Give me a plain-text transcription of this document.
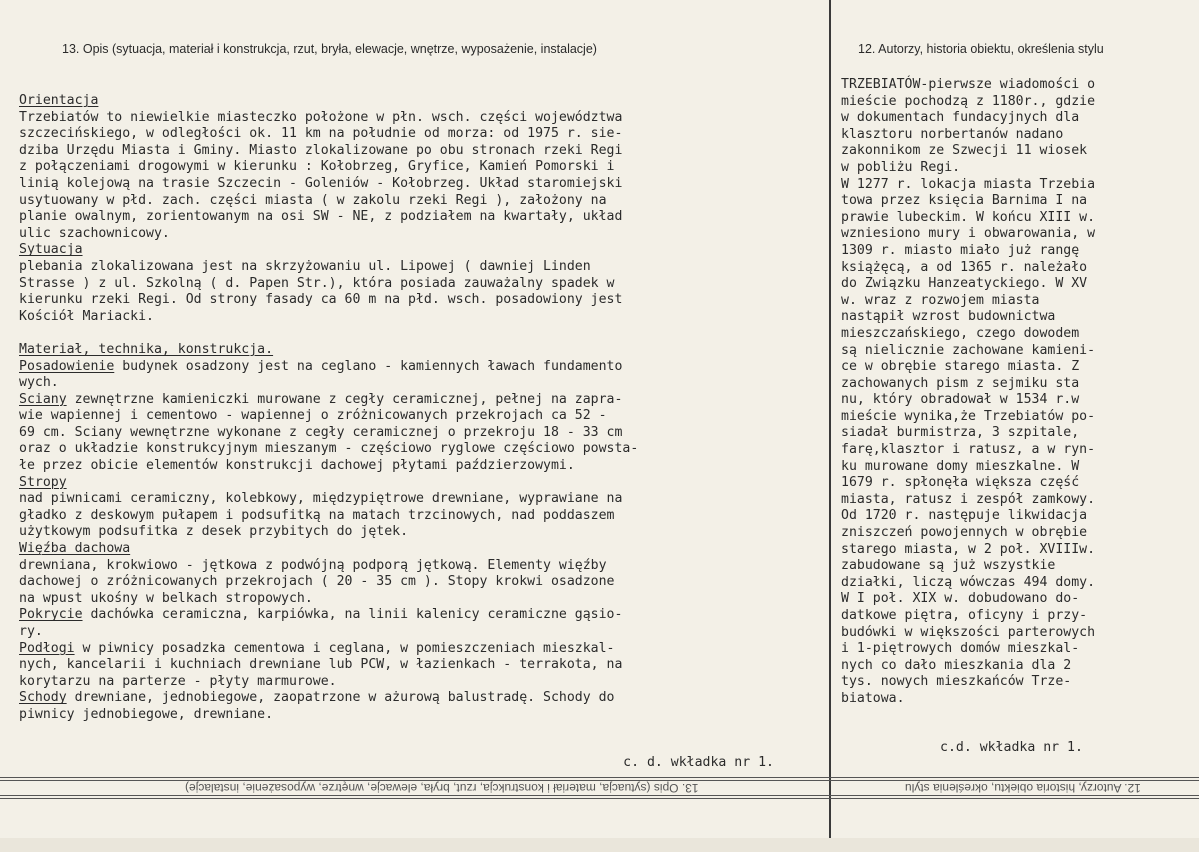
13. Opis (sytuacja, materiał i konstrukcja, rzut, bryła, elewacje, wnętrze, wyposażenie, instalacje)	12. Autorzy, historia obiektu, określenia stylu
Orientacja
Trzebiatów to niewielkie miasteczko położone w płn. wsch. części województwa
szczecińskiego, w odległości ok. 11 km na południe od morza: od 1975 r. sie-
dziba Urzędu Miasta i Gminy. Miasto zlokalizowane po obu stronach rzeki Regi
z połączeniami drogowymi w kierunku : Kołobrzeg, Gryfice, Kamień Pomorski i
linią kolejową na trasie Szczecin - Goleniów - Kołobrzeg. Układ staromiejski
usytuowany w płd. zach. części miasta ( w zakolu rzeki Regi ), założony na
planie owalnym, zorientowanym na osi SW - NE, z podziałem na kwartały, układ
ulic szachownicowy.
Sytuacja
plebania zlokalizowana jest na skrzyżowaniu ul. Lipowej ( dawniej Linden
Strasse ) z ul. Szkolną ( d. Papen Str.), która posiada zauważalny spadek w
kierunku rzeki Regi. Od strony fasady ca 60 m na płd. wsch. posadowiony jest
Kościół Mariacki.
Materiał, technika, konstrukcja.
Posadowienie budynek osadzony jest na ceglano - kamiennych ławach fundamento
wych.
Sciany zewnętrzne kamieniczki murowane z cegły ceramicznej, pełnej na zapra-
wie wapiennej i cementowo - wapiennej o zróżnicowanych przekrojach ca 52 -
69 cm. Sciany wewnętrzne wykonane z cegły ceramicznej o przekroju 18 - 33 cm
oraz o układzie konstrukcyjnym mieszanym - częściowo ryglowe częściowo powsta-
łe przez obicie elementów konstrukcji dachowej płytami paździerzowymi.
Stropy
nad piwnicami ceramiczny, kolebkowy, międzypiętrowe drewniane, wyprawiane na
gładko z deskowym pułapem i podsufitką na matach trzcinowych, nad poddaszem
użytkowym podsufitka z desek przybitych do jętek.
Więźba dachowa
drewniana, krokwiowo - jętkowa z podwójną podporą jętkową. Elementy więźby
dachowej o zróżnicowanych przekrojach ( 20 - 35 cm ). Stopy krokwi osadzone
na wpust ukośny w belkach stropowych.
Pokrycie dachówka ceramiczna, karpiówka, na linii kalenicy ceramiczne gąsio-
ry.
Podłogi w piwnicy posadzka cementowa i ceglana, w pomieszczeniach mieszkal-
nych, kancelarii i kuchniach drewniane lub PCW, w łazienkach - terrakota, na
korytarzu na parterze - płyty marmurowe.
Schody drewniane, jednobiegowe, zaopatrzone w ażurową balustradę. Schody do
piwnicy jednobiegowe, drewniane.
c. d. wkładka nr 1.
TRZEBIATÓW-pierwsze wiadomości o
mieście pochodzą z 1180r., gdzie
w dokumentach fundacyjnych dla
klasztoru norbertanów nadano
zakonnikom ze Szwecji 11 wiosek
w pobliżu Regi.
W 1277 r. lokacja miasta Trzebia
towa przez księcia Barnima I na
prawie lubeckim. W końcu XIII w.
wzniesiono mury i obwarowania, w
1309 r. miasto miało już rangę
książęcą, a od 1365 r. należało
do Związku Hanzeatyckiego. W XV
w. wraz z rozwojem miasta
nastąpił wzrost budownictwa
mieszczańskiego, czego dowodem
są nielicznie zachowane kamieni-
ce w obrębie starego miasta. Z
zachowanych pism z sejmiku sta
nu, który obradował w 1534 r.w
mieście wynika,że Trzebiatów po-
siadał burmistrza, 3 szpitale,
farę,klasztor i ratusz, a w ryn-
ku murowane domy mieszkalne. W
1679 r. spłonęła większa część
miasta, ratusz i zespół zamkowy.
Od 1720 r. następuje likwidacja
zniszczeń powojennych w obrębie
starego miasta, w 2 poł. XVIIIw.
zabudowane są już wszystkie
działki, liczą wówczas 494 domy.
W I poł. XIX w. dobudowano do-
datkowe piętra, oficyny i przy-
budówki w większości parterowych
i 1-piętrowych domów mieszkal-
nych co dało mieszkania dla 2
tys. nowych mieszkańców Trze-
biatowa.
c.d. wkładka nr 1.
13. Opis (sytuacja, materiał i konstrukcja, rzut, bryła, elewacje, wnętrze, wyposażenie, instalacje)	12. Autorzy, historia obiektu, określenia stylu
